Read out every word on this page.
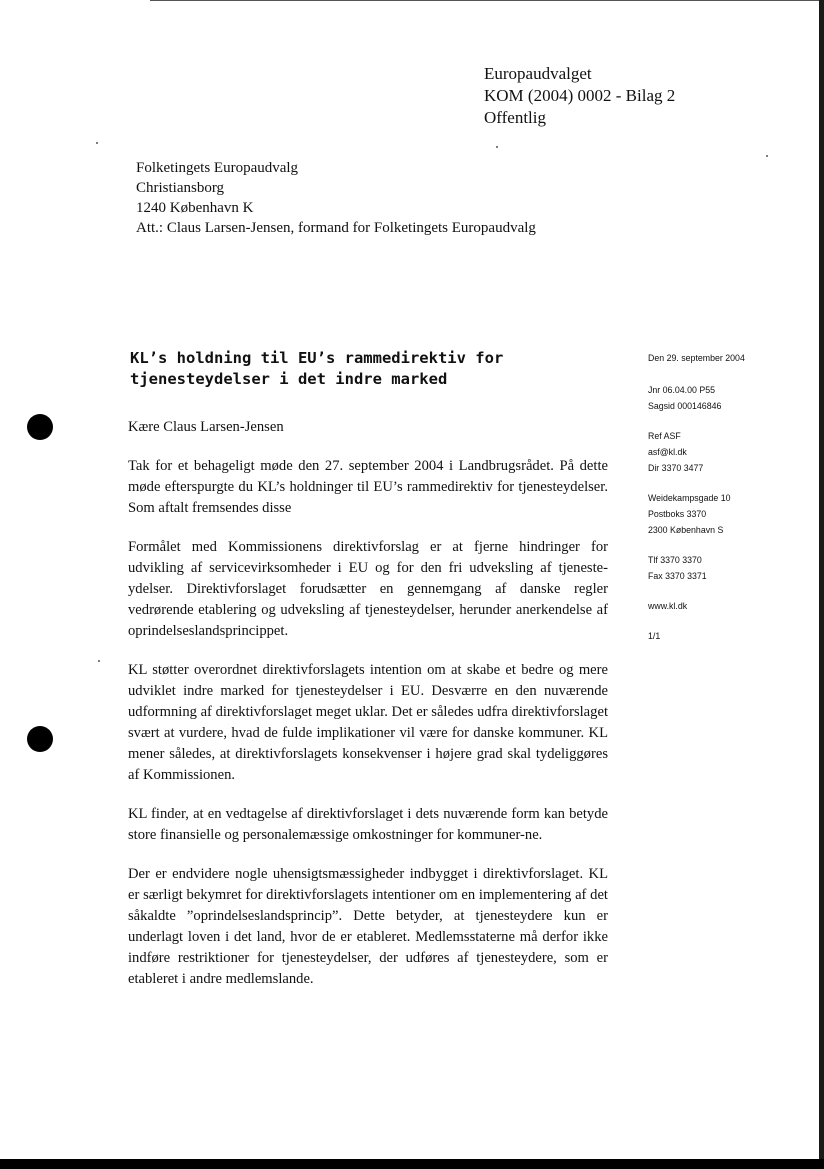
Europaudvalget
KOM (2004) 0002 - Bilag 2
Offentlig
Folketingets Europaudvalg
Christiansborg
1240 København K
Att.: Claus Larsen-Jensen, formand for Folketingets Europaudvalg
KL’s holdning til EU’s rammedirektiv for tjenesteydelser i det indre marked

Kære Claus Larsen-Jensen

Tak for et behageligt møde den 27. september 2004 i Landbrugsrådet. På dette møde efterspurgte du KL’s holdninger til EU’s rammedirektiv for tjenesteydelser. Som aftalt fremsendes disse

Formålet med Kommissionens direktivforslag er at fjerne hindringer for udvikling af servicevirksomheder i EU og for den fri udveksling af tjeneste-ydelser. Direktivforslaget forudsætter en gennemgang af danske regler vedrørende etablering og udveksling af tjenesteydelser, herunder anerkendelse af oprindelseslandsprincippet.

KL støtter overordnet direktivforslagets intention om at skabe et bedre og mere udviklet indre marked for tjenesteydelser i EU. Desværre en den nuværende udformning af direktivforslaget meget uklar. Det er således udfra direktivforslaget svært at vurdere, hvad de fulde implikationer vil være for danske kommuner. KL mener således, at direktivforslagets konsekvenser i højere grad skal tydeliggøres af Kommissionen.

KL finder, at en vedtagelse af direktivforslaget i dets nuværende form kan betyde store finansielle og personalemæssige omkostninger for kommuner-ne.

Der er endvidere nogle uhensigtsmæssigheder indbygget i direktivforslaget. KL er særligt bekymret for direktivforslagets intentioner om en implementering af det såkaldte ”oprindelseslandsprincip”. Dette betyder, at tjenesteydere kun er underlagt loven i det land, hvor de er etableret. Medlemsstaterne må derfor ikke indføre restriktioner for tjenesteydelser, der udføres af tjenesteydere, som er etableret i andre medlemslande.

Den 29. september 2004
Jnr 06.04.00 P55
Sagsid 000146846
Ref ASF
asf@kl.dk
Dir 3370 3477
Weidekampsgade 10
Postboks 3370
2300 København S
Tlf 3370 3370
Fax 3370 3371
www.kl.dk
1/1
